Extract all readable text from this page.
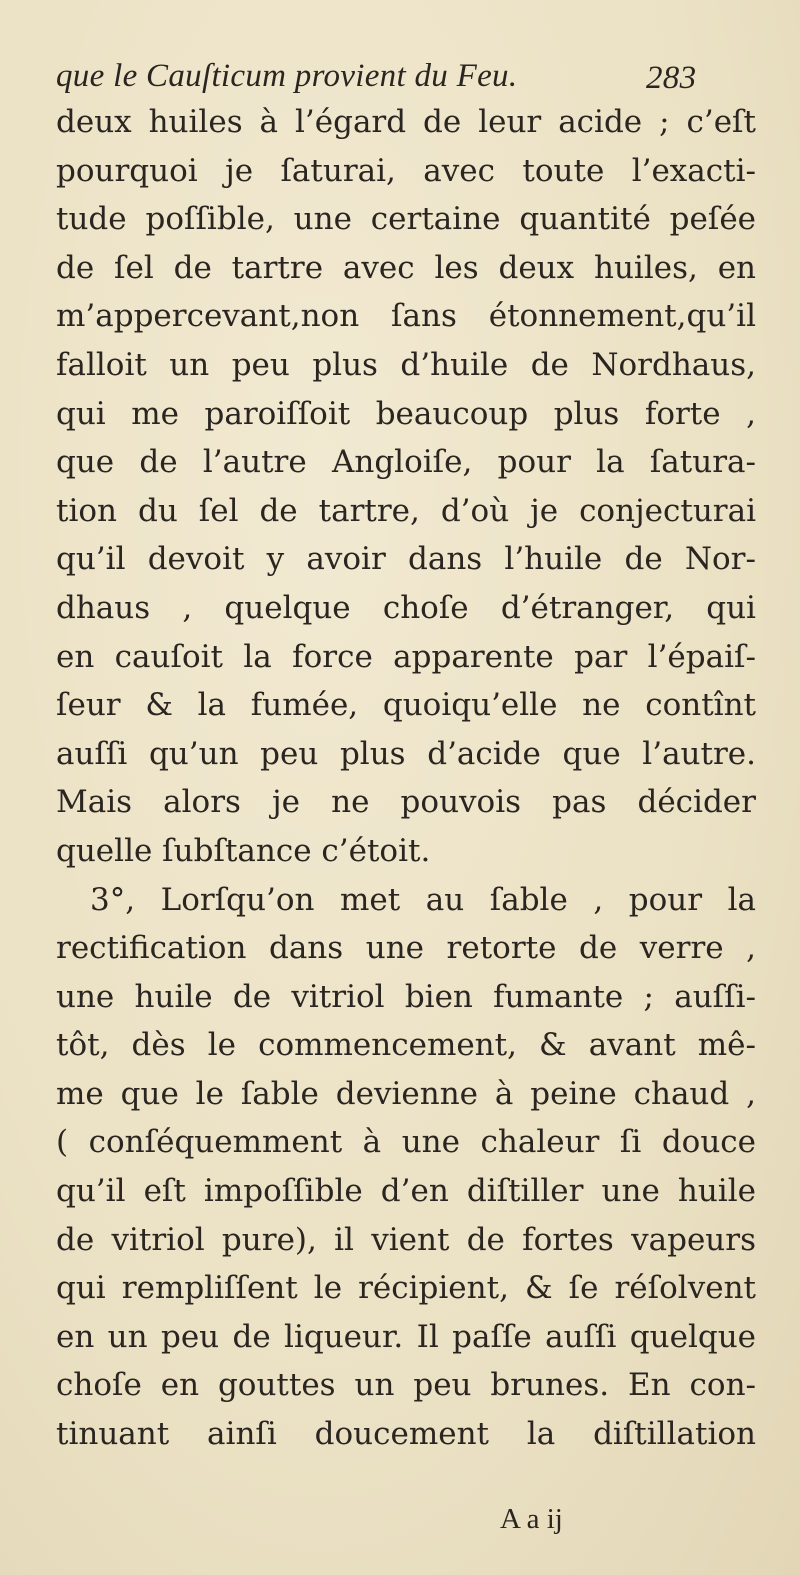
que le Cauſticum provient du Feu.	283
deux huiles à l’égard de leur acide ; c’eſt
pourquoi je ſaturai, avec toute l’exacti-
tude poſſible, une certaine quantité peſée
de ſel de tartre avec les deux huiles, en
m’appercevant,non ſans étonnement,qu’il
falloit un peu plus d’huile de Nordhaus,
qui me paroiſſoit beaucoup plus forte ,
que de l’autre Angloiſe, pour la ſatura-
tion du ſel de tartre, d’où je conjecturai
qu’il devoit y avoir dans l’huile de Nor-
dhaus , quelque choſe d’étranger, qui
en cauſoit la force apparente par l’épaiſ-
ſeur & la fumée, quoiqu’elle ne contînt
auſſi qu’un peu plus d’acide que l’autre.
Mais alors je ne pouvois pas décider
quelle ſubſtance c’étoit.
3°, Lorſqu’on met au ſable , pour la
rectification dans une retorte de verre ,
une huile de vitriol bien fumante ; auſſi-
tôt, dès le commencement, & avant mê-
me que le ſable devienne à peine chaud ,
( conſéquemment à une chaleur ſi douce
qu’il eſt impoſſible d’en diſtiller une huile
de vitriol pure), il vient de fortes vapeurs
qui rempliſſent le récipient, & ſe réſolvent
en un peu de liqueur. Il paſſe auſſi quelque
choſe en gouttes un peu brunes. En con-
tinuant ainſi doucement la diſtillation
A a ij
